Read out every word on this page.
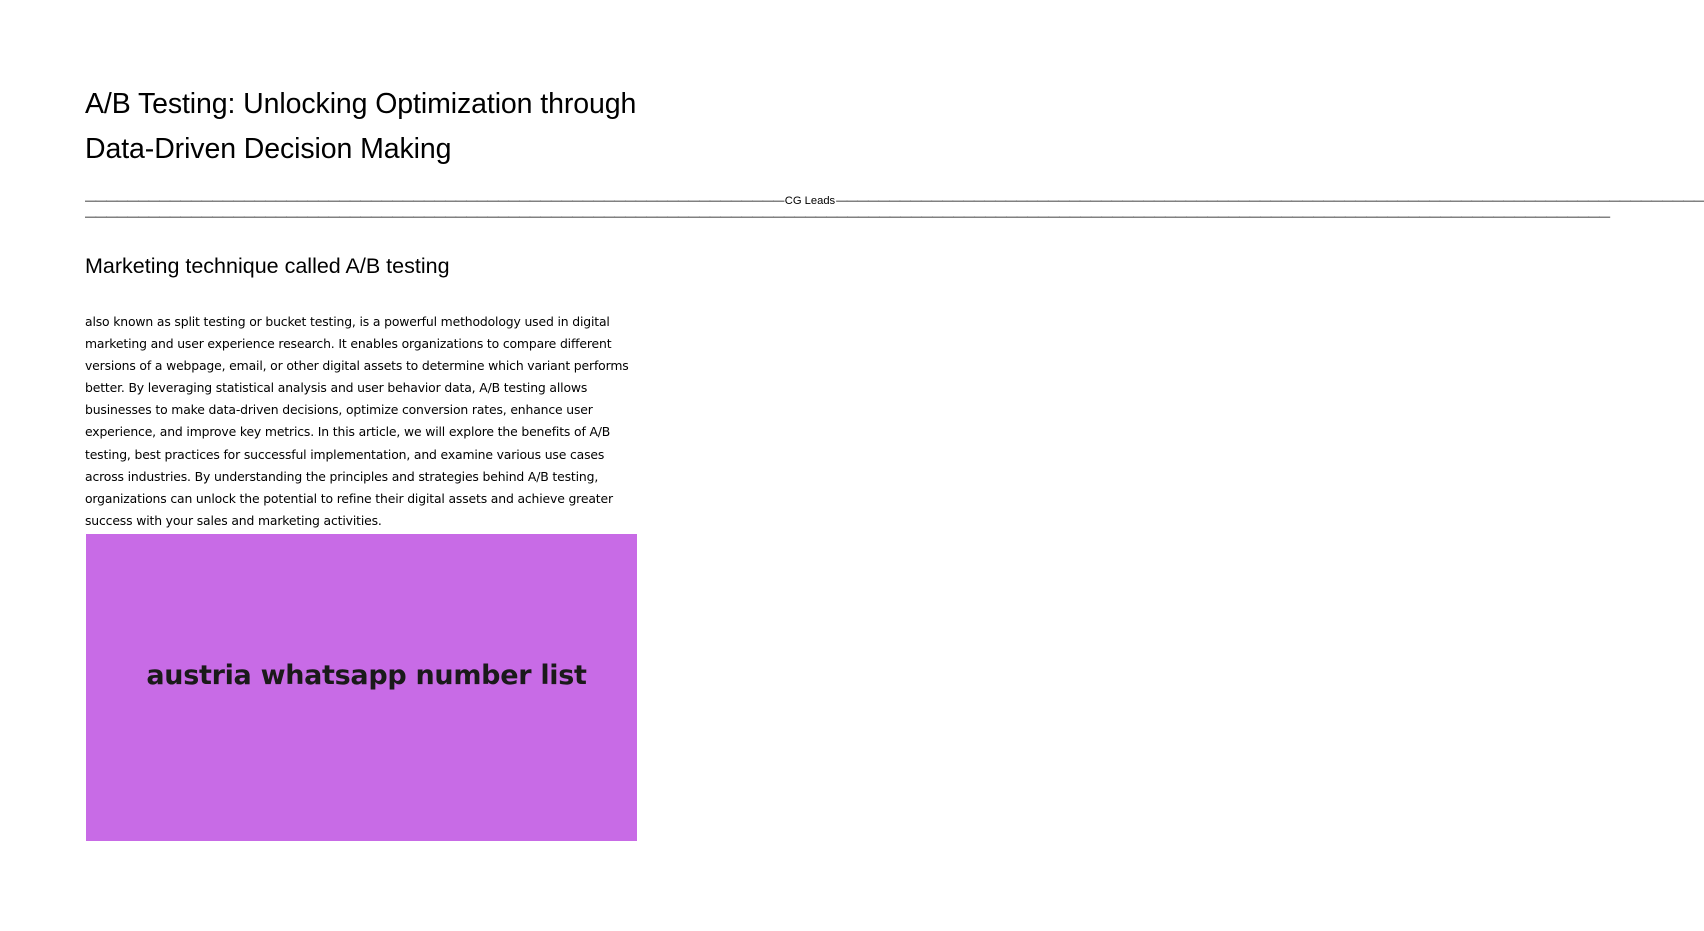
A/B Testing: Unlocking Optimization through Data-Driven Decision Making
—————————————————————————————————————————————————————————————————— CG Leads ——————————————————————————————————————————————————————————————————————————————————
————————————————————————————————————————————————————————————————————————————————————————————————————————————————————————————————————————————————
Marketing technique called A/B testing

also known as split testing or bucket testing, is a powerful methodology used in digital marketing and user experience research. It enables organizations to compare different versions of a webpage, email, or other digital assets to determine which variant performs better. By leveraging statistical analysis and user behavior data, A/B testing allows businesses to make data-driven decisions, optimize conversion rates, enhance user experience, and improve key metrics. In this article, we will explore the benefits of A/B testing, best practices for successful implementation, and examine various use cases across industries. By understanding the principles and strategies behind A/B testing, organizations can unlock the potential to refine their digital assets and achieve greater success with your sales and marketing activities.

austria whatsapp number list
